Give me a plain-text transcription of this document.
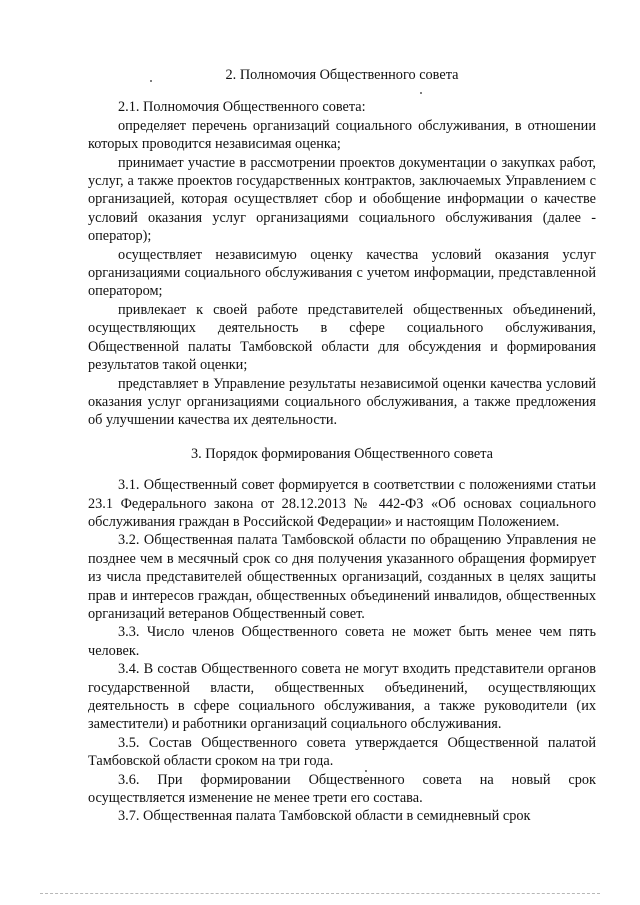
2. Полномочия Общественного совета

2.1. Полномочия Общественного совета:

определяет перечень организаций социального обслуживания, в отношении которых проводится независимая оценка;

принимает участие в рассмотрении проектов документации о закупках работ, услуг, а также проектов государственных контрактов, заключаемых Управлением с организацией, которая осуществляет сбор и обобщение информации о качестве условий оказания услуг организациями социального обслуживания (далее - оператор);

осуществляет независимую оценку качества условий оказания услуг организациями социального обслуживания с учетом информации, представленной оператором;

привлекает к своей работе представителей общественных объединений, осуществляющих деятельность в сфере социального обслуживания, Общественной палаты Тамбовской области для обсуждения и формирования результатов такой оценки;

представляет в Управление результаты независимой оценки качества условий оказания услуг организациями социального обслуживания, а также предложения об улучшении качества их деятельности.

3. Порядок формирования Общественного совета

3.1. Общественный совет формируется в соответствии с положениями статьи 23.1 Федерального закона от 28.12.2013 № 442-ФЗ «Об основах социального обслуживания граждан в Российской Федерации» и настоящим Положением.

3.2. Общественная палата Тамбовской области по обращению Управления не позднее чем в месячный срок со дня получения указанного обращения формирует из числа представителей общественных организаций, созданных в целях защиты прав и интересов граждан, общественных объединений инвалидов, общественных организаций ветеранов Общественный совет.

3.3. Число членов Общественного совета не может быть менее чем пять человек.

3.4. В состав Общественного совета не могут входить представители органов государственной власти, общественных объединений, осуществляющих деятельность в сфере социального обслуживания, а также руководители (их заместители) и работники организаций социального обслуживания.

3.5. Состав Общественного совета утверждается Общественной палатой Тамбовской области сроком на три года.

3.6. При формировании Общественного совета на новый срок осуществляется изменение не менее трети его состава.

3.7. Общественная палата Тамбовской области в семидневный срок
